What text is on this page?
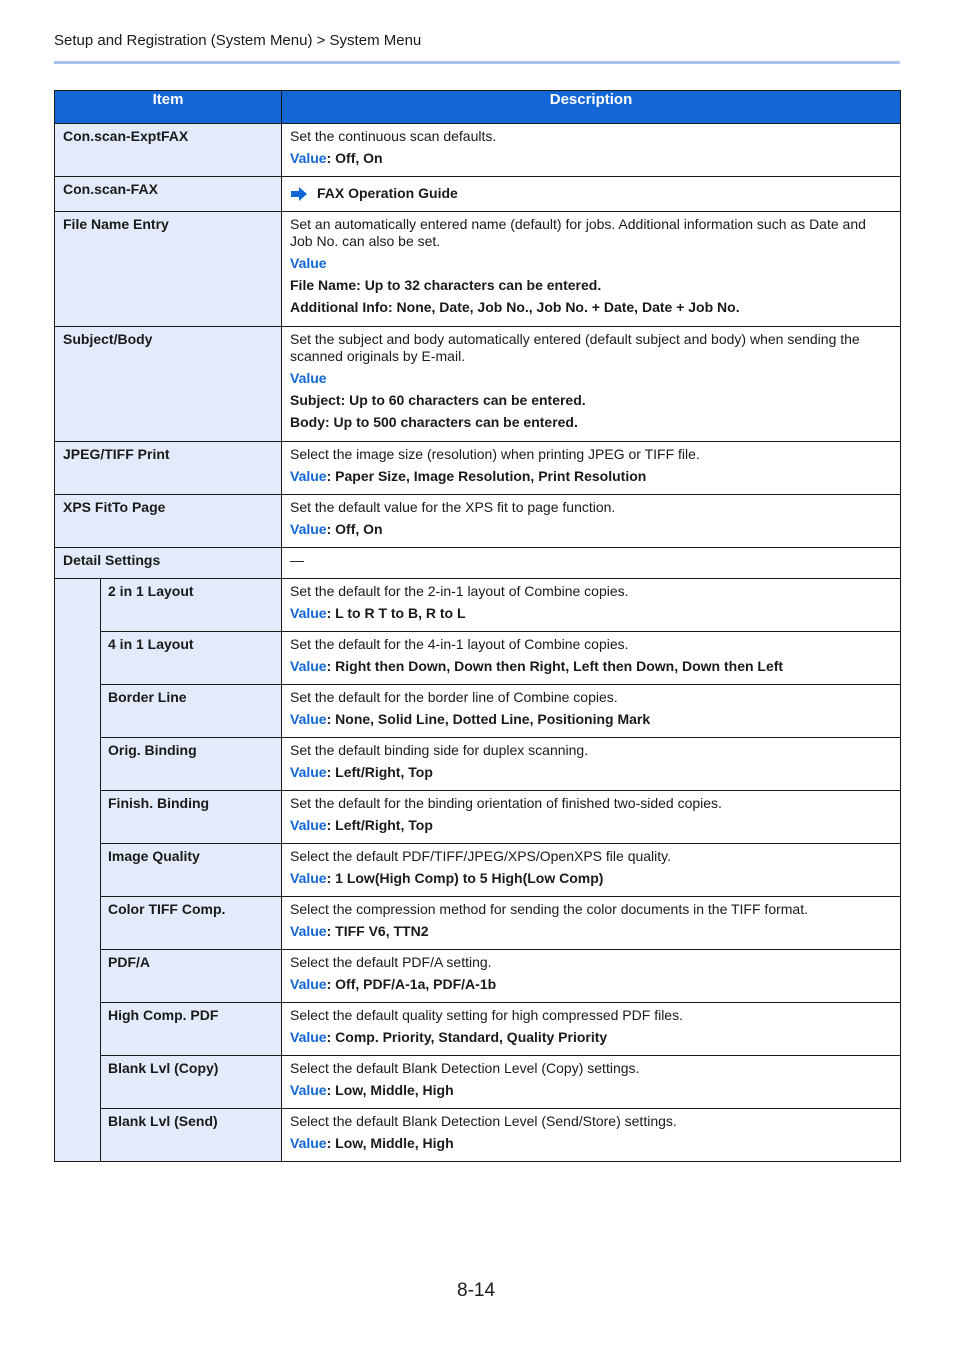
Setup and Registration (System Menu) > System Menu
Item		Description
Con.scan-ExptFAX		Set the continuous scan defaults.

Value: Off, On

Con.scan-FAX		FAX Operation Guide

File Name Entry		Set an automatically entered name (default) for jobs. Additional information such as Date and Job No. can also be set.

Value

File Name: Up to 32 characters can be entered.

Additional Info: None, Date, Job No., Job No. + Date, Date + Job No.

Subject/Body		Set the subject and body automatically entered (default subject and body) when sending the scanned originals by E-mail.

Value

Subject: Up to 60 characters can be entered.

Body: Up to 500 characters can be entered.

JPEG/TIFF Print		Select the image size (resolution) when printing JPEG or TIFF file.

Value: Paper Size, Image Resolution, Print Resolution

XPS FitTo Page		Set the default value for the XPS fit to page function.

Value: Off, On

Detail Settings		—

	2 in 1 Layout	Set the default for the 2-in-1 layout of Combine copies.

Value: L to R T to B, R to L

	4 in 1 Layout	Set the default for the 4-in-1 layout of Combine copies.

Value: Right then Down, Down then Right, Left then Down, Down then Left

	Border Line	Set the default for the border line of Combine copies.

Value: None, Solid Line, Dotted Line, Positioning Mark

	Orig. Binding	Set the default binding side for duplex scanning.

Value: Left/Right, Top

	Finish. Binding	Set the default for the binding orientation of finished two-sided copies.

Value: Left/Right, Top

	Image Quality	Select the default PDF/TIFF/JPEG/XPS/OpenXPS file quality.

Value: 1 Low(High Comp) to 5 High(Low Comp)

	Color TIFF Comp.	Select the compression method for sending the color documents in the TIFF format.

Value: TIFF V6, TTN2

	PDF/A	Select the default PDF/A setting.

Value: Off, PDF/A-1a, PDF/A-1b

	High Comp. PDF	Select the default quality setting for high compressed PDF files.

Value: Comp. Priority, Standard, Quality Priority

	Blank Lvl (Copy)	Select the default Blank Detection Level (Copy) settings.

Value: Low, Middle, High

	Blank Lvl (Send)	Select the default Blank Detection Level (Send/Store) settings.

Value: Low, Middle, High

8-14
